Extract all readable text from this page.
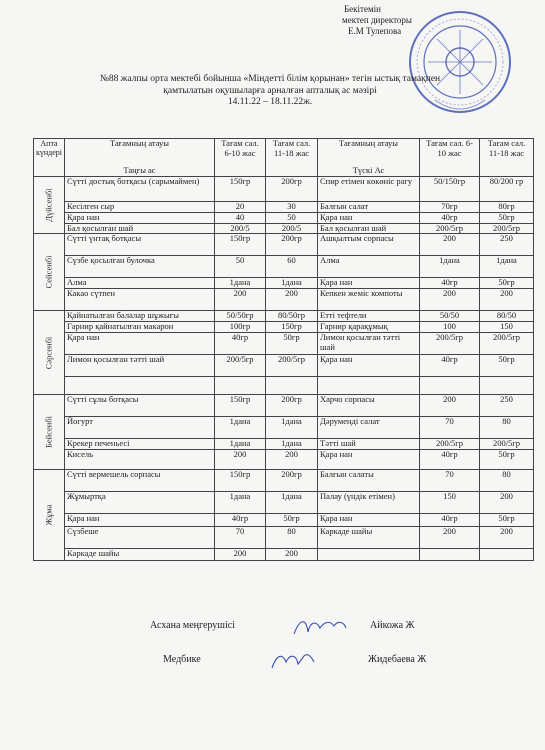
Бекітемін
мектеп директоры
Е.М Тулепова
№88 жалпы орта мектебі бойынша «Міндетті білім қорынан» тегін ыстық тамақпен
қамтылатын оқушыларға арналған апталық ас мәзірі
14.11.22 – 18.11.22ж.
Апта күндері	Тағамның атауы
Таңғы ас	Тағам сал. 6-10 жас	Тағам сал. 11-18 жас	Тағамның атауы
Түскі Ас	Тағам сал. 6-10 жас	Тағам сал. 11-18 жас

Дүйсенбі	Сүтті достық ботқасы (сарымаймен)	150гр	200гр	Спир етімен көкөніс рагу	50/150гр	80/200 гр
	Кесілген сыр	20	30	Балғын салат	70гр	80гр
	Қара нан	40	50	Қара нан	40гр	50гр
	Бал қосылған шай	200/5	200/5	Бал қосылған шай	200/5гр	200/5гр

Сейсенбі	Сүтті үнтақ ботқасы	150гр	200гр	Ашқылтым сорпасы	200	250
	Сүзбе қосылған булочка	50	60	Алма	1дана	1дана
	Алма	1дана	1дана	Қара нан	40гр	50гр
	Какао сүтпен	200	200	Кепкен жеміс компоты	200	200

Сәрсенбі	Қайнатылған балалар шұжығы	50/50гр	80/50гр	Етті тефтели	50/50	80/50
	Гарнир қайнатылған макарон	100гр	150гр	Гарнир қарақұмық	100	150
	Қара нан	40гр	50гр	Лимон қосылған тәтті шай	200/5гр	200/5гр
	Лимон қосылған тәтті шай	200/5гр	200/5гр	Қара нан	40гр	50гр

Бейсенбі	Сүтті сұлы ботқасы	150гр	200гр	Харчо сорпасы	200	250
	Йогурт	1дана	1дана	Дәруменді салат	70	80
	Крекер печеньесі	1дана	1дана	Тәтті шай	200/5гр	200/5гр
	Кисель	200	200	Қара нан	40гр	50гр

Жұма	Сүтті вермешель сорпасы	150гр	200гр	Балғын салаты	70	80
	Жұмыртқа	1дана	1дана	Палау (үндік етімен)	150	200
	Қара нан	40гр	50гр	Қара нан	40гр	50гр
	Сүзбеше	70	80	Каркаде шайы	200	200
	Каркаде шайы	200	200			
Асхана меңгерушісі	Айкожа Ж
Медбике	Жидебаева Ж
